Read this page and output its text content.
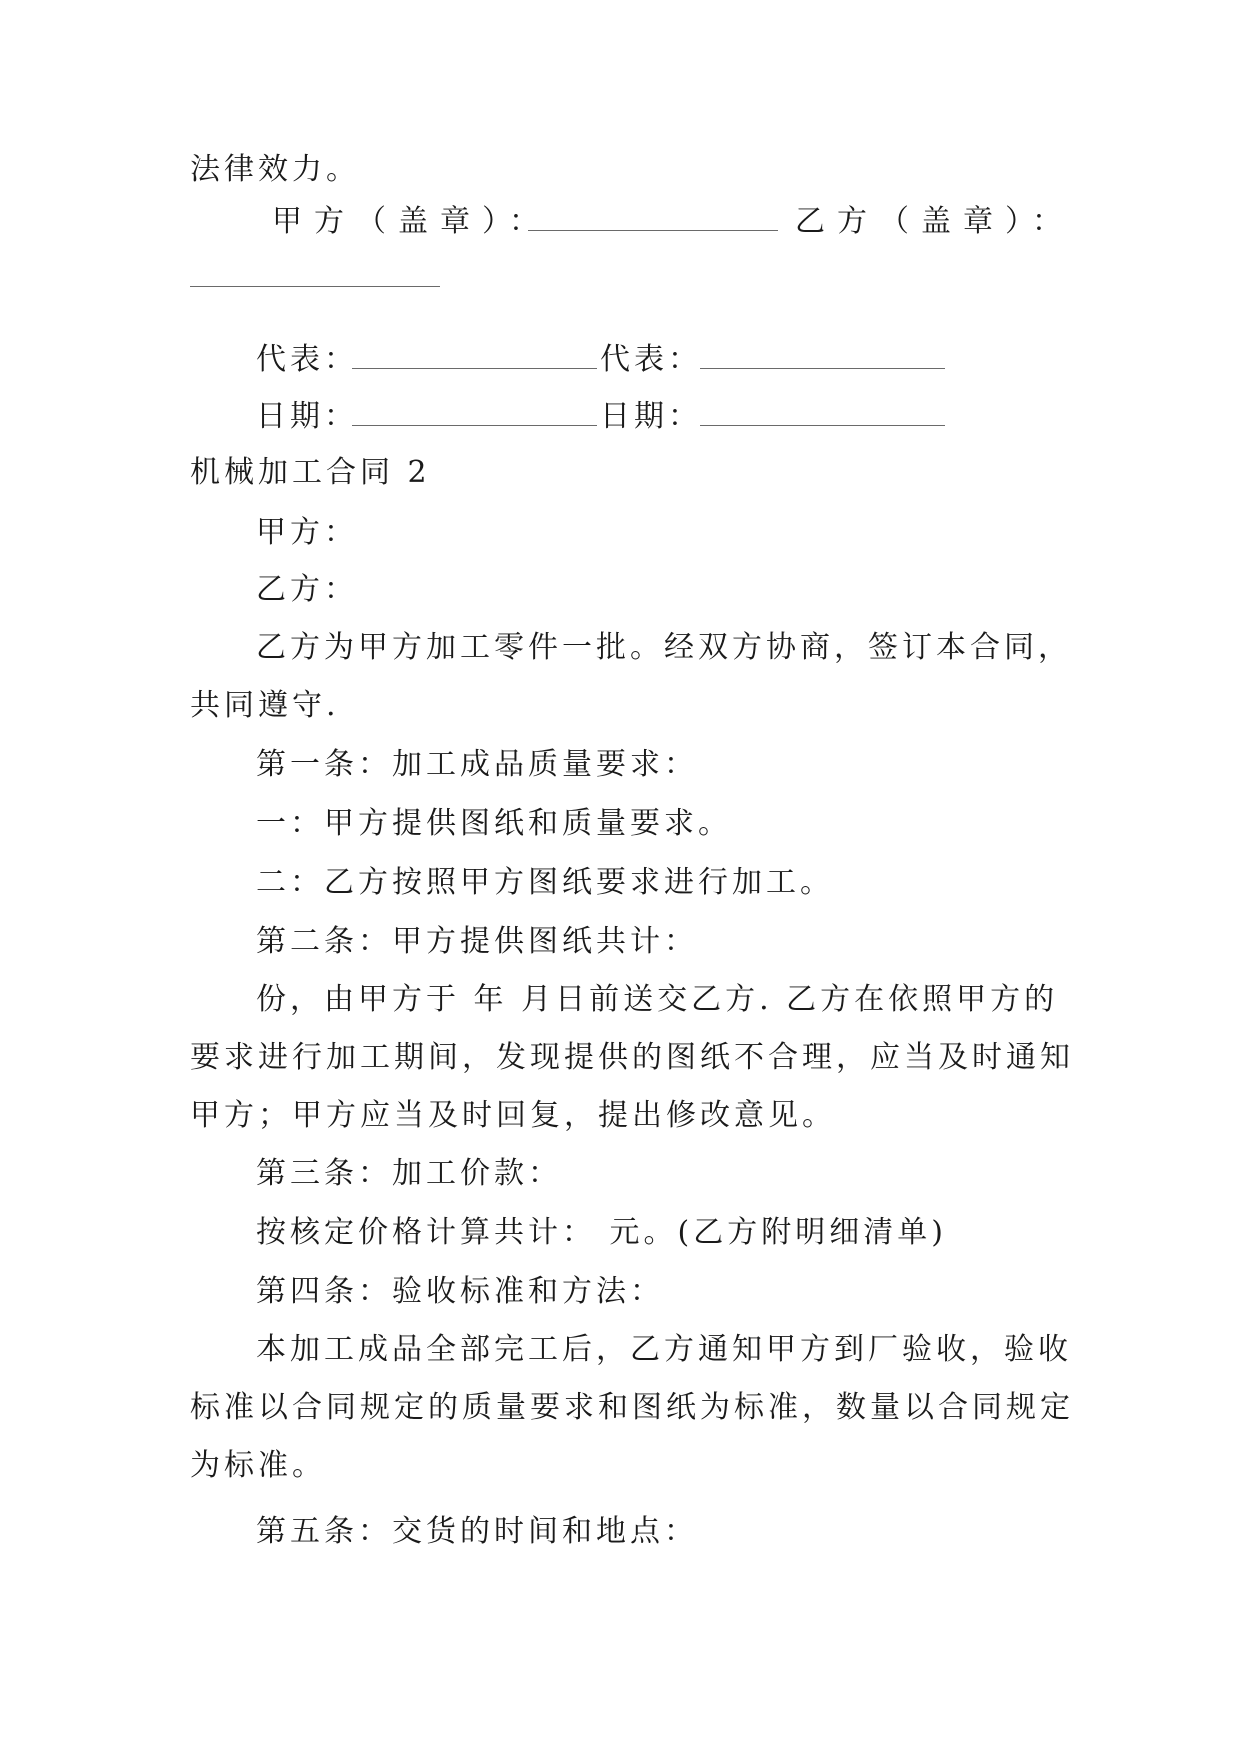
法律效力。
甲方（盖章）：	乙方（盖章）：
代表：	代表：
日期：	日期：
机械加工合同 2
甲方：
乙方：
乙方为甲方加工零件一批。经双方协商，签订本合同，
共同遵守.
第一条：加工成品质量要求：
一：甲方提供图纸和质量要求。
二：乙方按照甲方图纸要求进行加工。
第二条：甲方提供图纸共计：
份，由甲方于 年 月日前送交乙方. 乙方在依照甲方的
要求进行加工期间，发现提供的图纸不合理，应当及时通知
甲方；甲方应当及时回复，提出修改意见。
第三条：加工价款：
按核定价格计算共计： 元。(乙方附明细清单)
第四条：验收标准和方法：
本加工成品全部完工后，乙方通知甲方到厂验收，验收
标准以合同规定的质量要求和图纸为标准，数量以合同规定
为标准。
第五条：交货的时间和地点：
